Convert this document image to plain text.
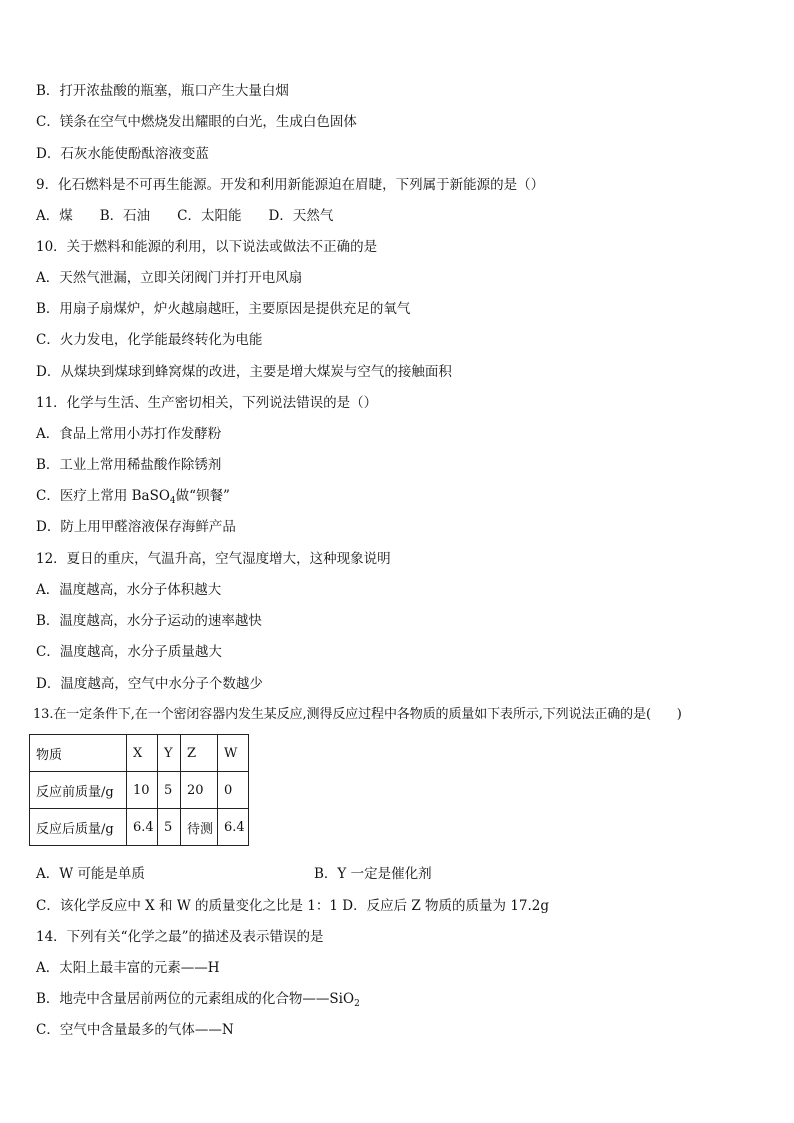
B．打开浓盐酸的瓶塞，瓶口产生大量白烟
C．镁条在空气中燃烧发出耀眼的白光，生成白色固体
D．石灰水能使酚酞溶液变蓝
9．化石燃料是不可再生能源。开发和利用新能源迫在眉睫，下列属于新能源的是（）
A．煤　　B．石油　　C．太阳能　　D．天然气
10．关于燃料和能源的利用，以下说法或做法不正确的是
A．天然气泄漏，立即关闭阀门并打开电风扇
B．用扇子扇煤炉，炉火越扇越旺，主要原因是提供充足的氧气
C．火力发电，化学能最终转化为电能
D．从煤块到煤球到蜂窝煤的改进，主要是增大煤炭与空气的接触面积
11．化学与生活、生产密切相关，下列说法错误的是（）
A．食品上常用小苏打作发酵粉
B．工业上常用稀盐酸作除锈剂
C．医疗上常用 BaSO$_4$做“钡餐”
D．防上用甲醛溶液保存海鲜产品
12．夏日的重庆，气温升高，空气湿度增大，这种现象说明
A．温度越高，水分子体积越大
B．温度越高，水分子运动的速率越快
C．温度越高，水分子质量越大
D．温度越高，空气中水分子个数越少
13.在一定条件下,在一个密闭容器内发生某反应,测得反应过程中各物质的质量如下表所示,下列说法正确的是(　　)
物质	X	Y	Z	W
反应前质量/g	10	5	20	0
反应后质量/g	6.4	5	待测	6.4
A．W 可能是单质	B．Y 一定是催化剂
C．该化学反应中 X 和 W 的质量变化之比是 1：1 D．反应后 Z 物质的质量为 17.2g
14．下列有关“化学之最”的描述及表示错误的是
A．太阳上最丰富的元素——H
B．地壳中含量居前两位的元素组成的化合物——SiO$_2$
C．空气中含量最多的气体——N
